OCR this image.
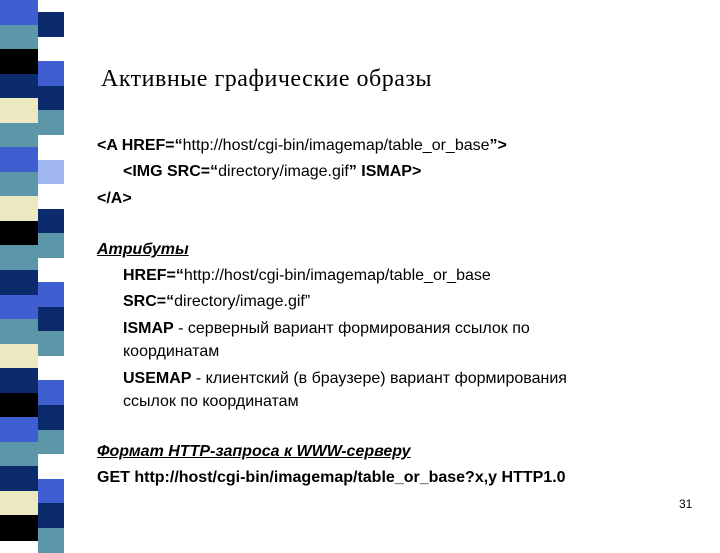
Активные графические образы
<A HREF=“http://host/cgi-bin/imagemap/table_or_base”>
<IMG SRC=“directory/image.gif” ISMAP>
</A>
Атрибуты
HREF=“http://host/cgi-bin/imagemap/table_or_base
SRC=“directory/image.gif”
ISMAP - серверный вариант формирования ссылок по
координатам
USEMAP - клиентский (в браузере) вариант формирования
ссылок по координатам
Формат HTTP-запроса к WWW-серверу
GET http://host/cgi-bin/imagemap/table_or_base?x,y HTTP1.0
31
